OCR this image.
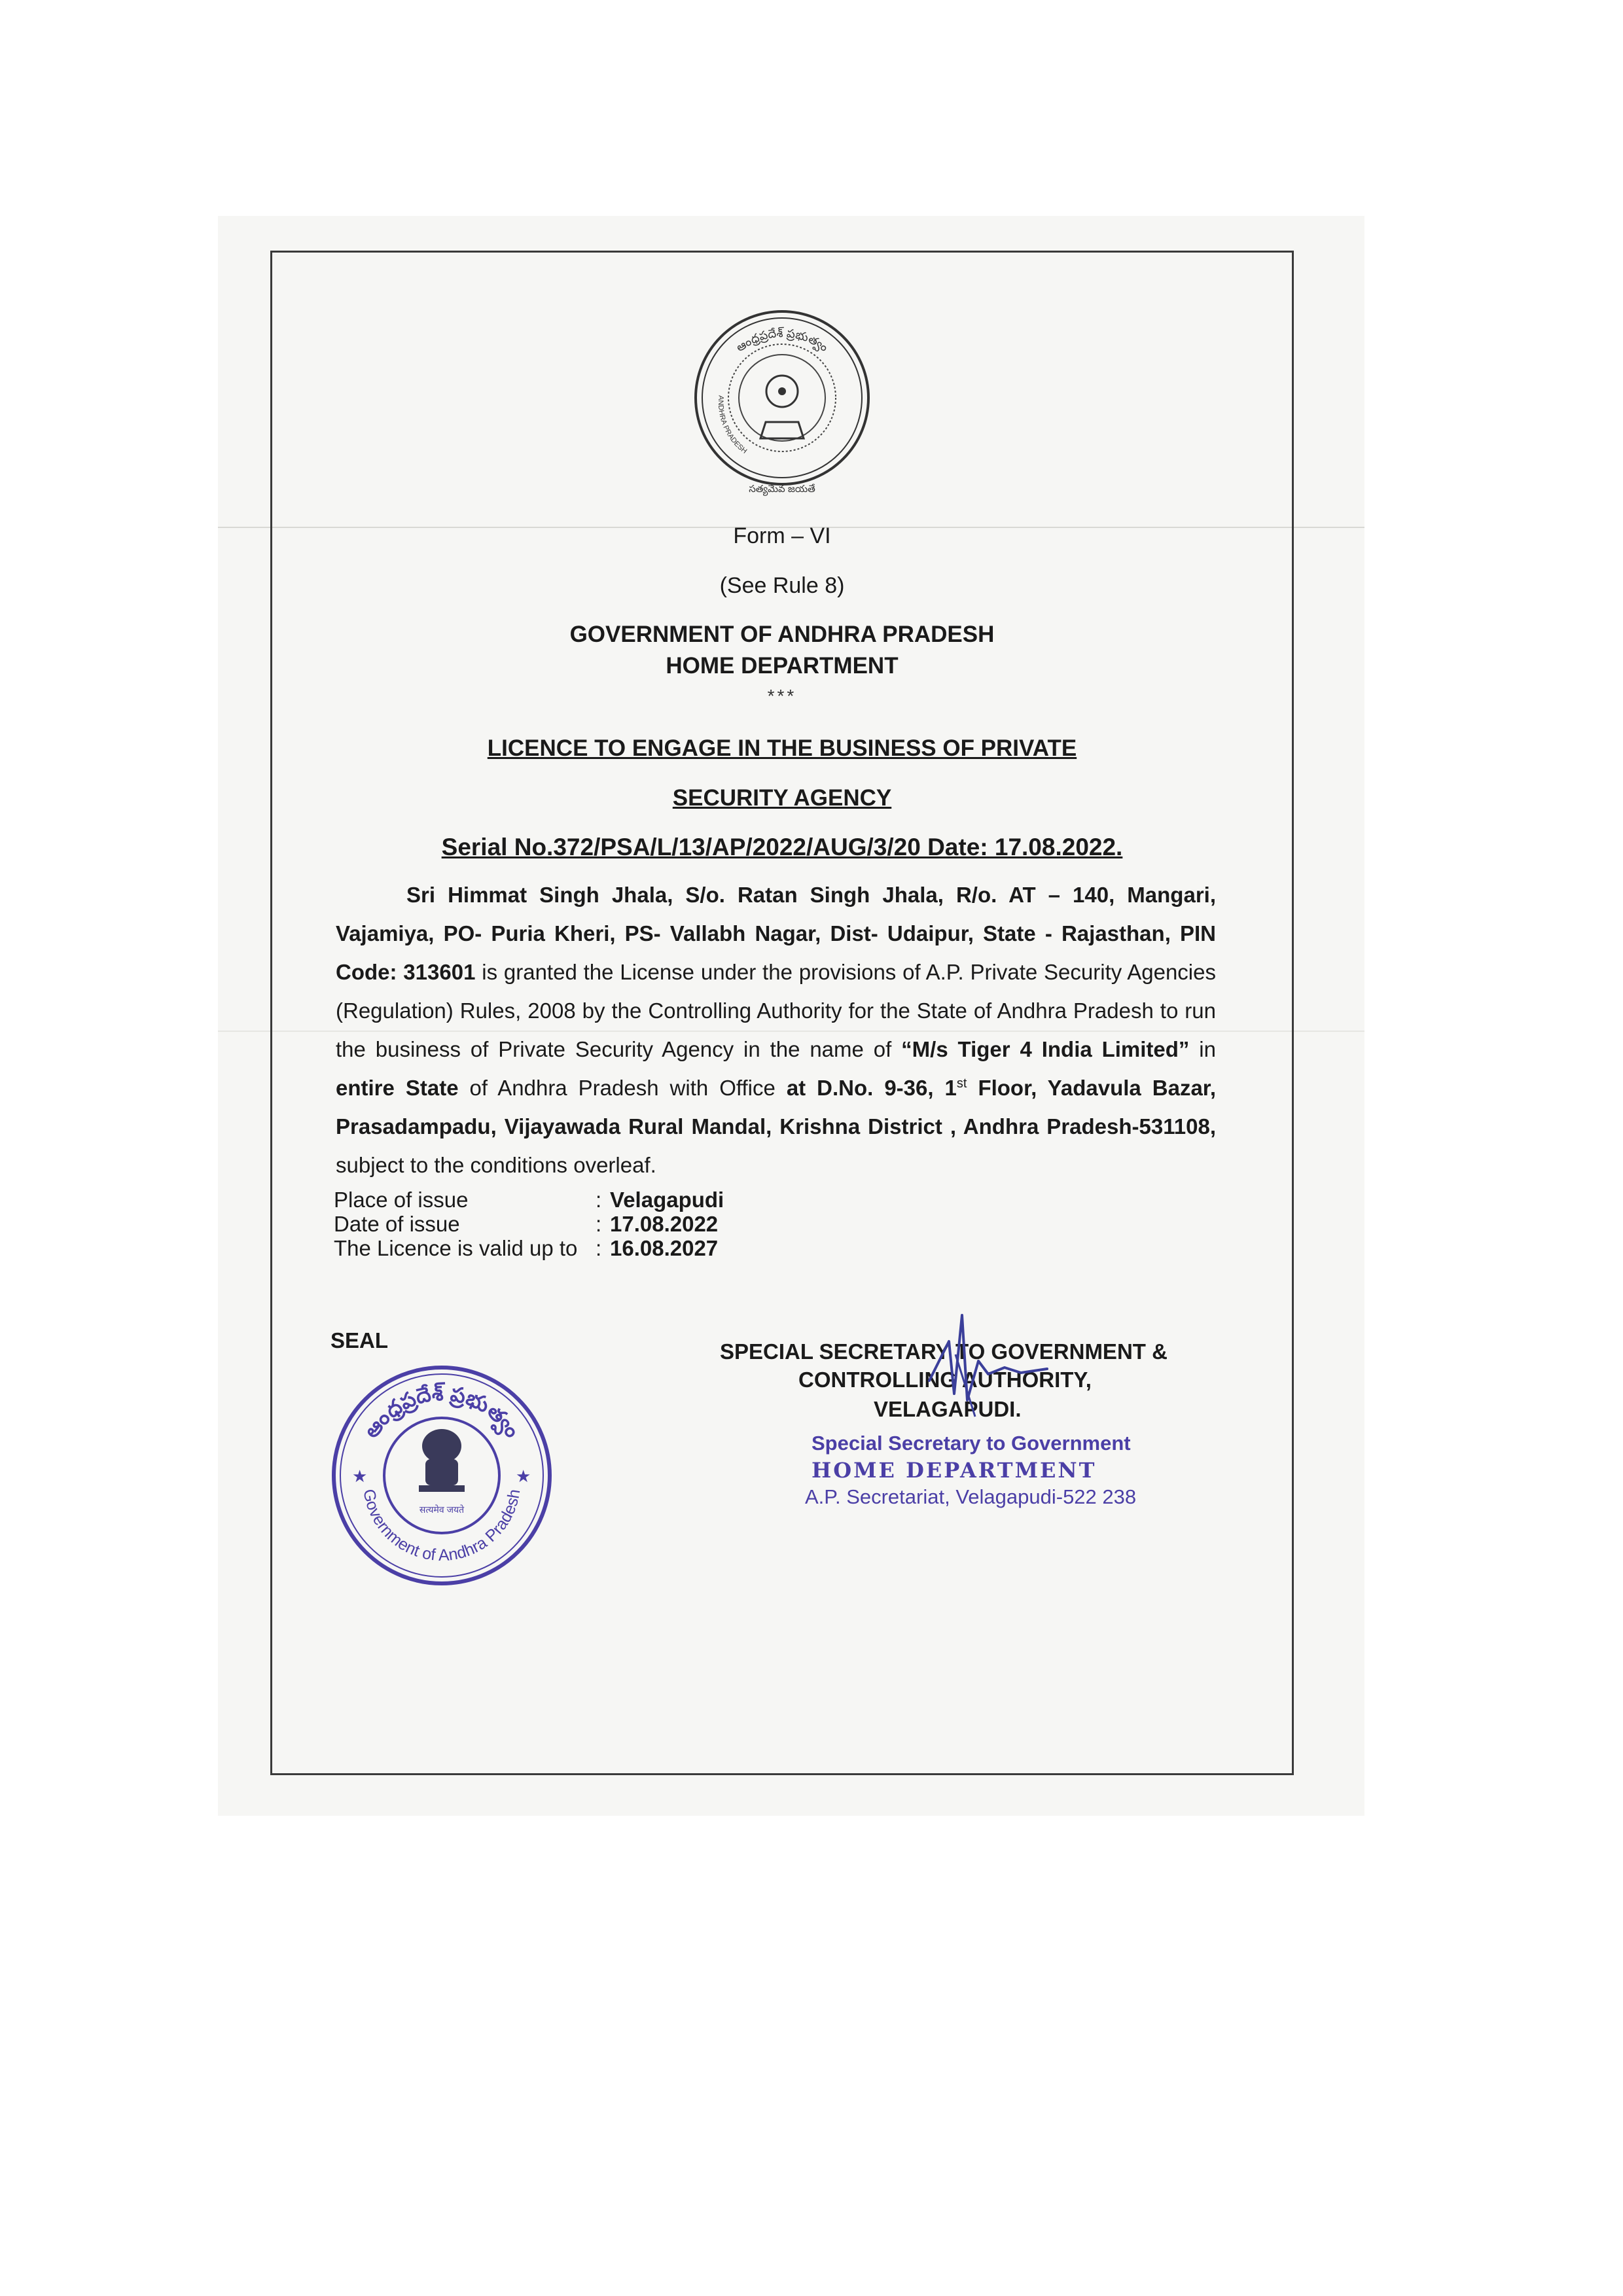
ఆంధ్రప్రదేశ్ ప్రభుత్వం
ANDHRA PRADESH
సత్యమేవ జయతే
Form – VI
(See Rule 8)
GOVERNMENT OF ANDHRA PRADESH
HOME DEPARTMENT
***
LICENCE TO ENGAGE IN THE BUSINESS OF PRIVATE
SECURITY AGENCY
Serial No.372/PSA/L/13/AP/2022/AUG/3/20 Date: 17.08.2022.
Sri Himmat Singh Jhala, S/o. Ratan Singh Jhala, R/o. AT – 140, Mangari, Vajamiya, PO- Puria Kheri, PS- Vallabh Nagar, Dist- Udaipur, State - Rajasthan, PIN Code: 313601 is granted the License under the provisions of A.P. Private Security Agencies (Regulation) Rules, 2008 by the Controlling Authority for the State of Andhra Pradesh to run the business of Private Security Agency in the name of “M/s Tiger 4 India Limited” in entire State of Andhra Pradesh with Office at D.No. 9-36, 1st Floor, Yadavula Bazar, Prasadampadu, Vijayawada Rural Mandal, Krishna District , Andhra Pradesh-531108, subject to the conditions overleaf.
Place of issue	: Velagapudi
Date of issue	: 17.08.2022
The Licence is valid up to : 16.08.2027
SEAL
★	★
सत्यमेव जयते
ఆంధ్రప్రదేశ్ ప్రభుత్వం
Government of Andhra Pradesh
SPECIAL SECRETARY TO GOVERNMENT &
CONTROLLING AUTHORITY,
VELAGAPUDI.
Special Secretary to Government
HOME DEPARTMENT
A.P. Secretariat, Velagapudi-522 238
